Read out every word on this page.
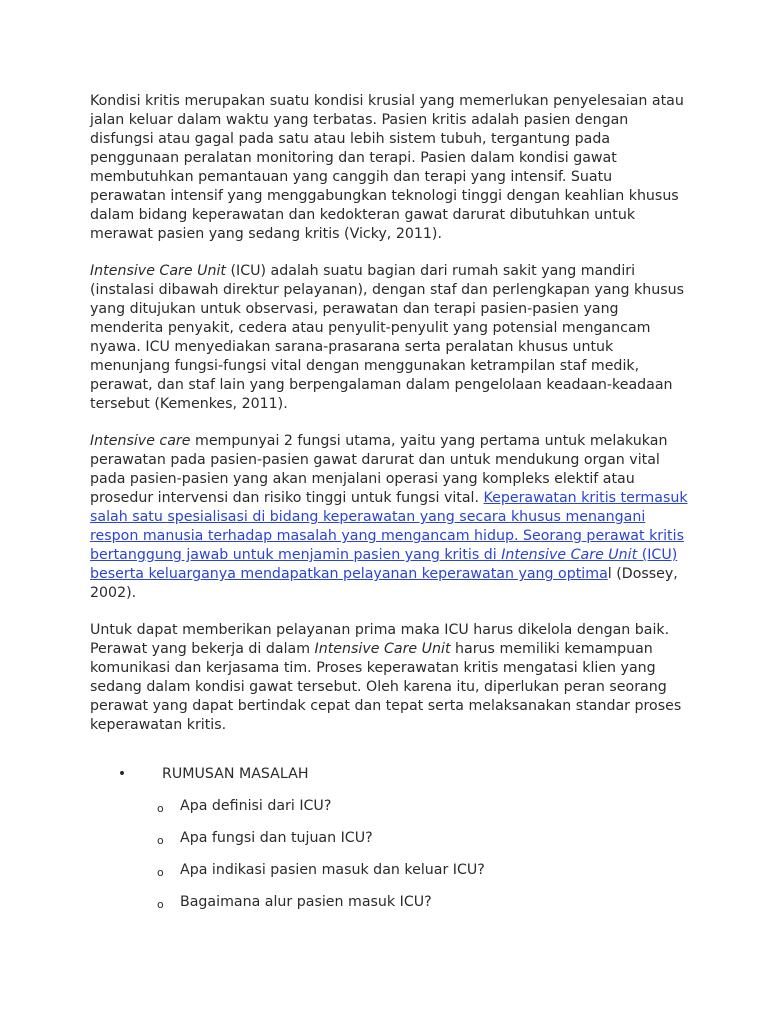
Kondisi kritis merupakan suatu kondisi krusial yang memerlukan penyelesaian atau jalan keluar dalam waktu yang terbatas. Pasien kritis adalah pasien dengan disfungsi atau gagal pada satu atau lebih sistem tubuh, tergantung pada penggunaan peralatan monitoring dan terapi. Pasien dalam kondisi gawat membutuhkan pemantauan yang canggih dan terapi yang intensif. Suatu perawatan intensif yang menggabungkan teknologi tinggi dengan keahlian khusus dalam bidang keperawatan dan kedokteran gawat darurat dibutuhkan untuk merawat pasien yang sedang kritis (Vicky, 2011).

Intensive Care Unit (ICU) adalah suatu bagian dari rumah sakit yang mandiri (instalasi dibawah direktur pelayanan), dengan staf dan perlengkapan yang khusus yang ditujukan untuk observasi, perawatan dan terapi pasien-pasien yang menderita penyakit, cedera atau penyulit-penyulit yang potensial mengancam nyawa. ICU menyediakan sarana-prasarana serta peralatan khusus untuk menunjang fungsi-fungsi vital dengan menggunakan ketrampilan staf medik, perawat, dan staf lain yang berpengalaman dalam pengelolaan keadaan-keadaan tersebut (Kemenkes, 2011).

Intensive care mempunyai 2 fungsi utama, yaitu yang pertama untuk melakukan perawatan pada pasien-pasien gawat darurat dan untuk mendukung organ vital pada pasien-pasien yang akan menjalani operasi yang kompleks elektif atau prosedur intervensi dan risiko tinggi untuk fungsi vital. Keperawatan kritis termasuk salah satu spesialisasi di bidang keperawatan yang secara khusus menangani respon manusia terhadap masalah yang mengancam hidup. Seorang perawat kritis bertanggung jawab untuk menjamin pasien yang kritis di Intensive Care Unit (ICU) beserta keluarganya mendapatkan pelayanan keperawatan yang optimal (Dossey, 2002).

Untuk dapat memberikan pelayanan prima maka ICU harus dikelola dengan baik. Perawat yang bekerja di dalam Intensive Care Unit harus memiliki kemampuan komunikasi dan kerjasama tim. Proses keperawatan kritis mengatasi klien yang sedang dalam kondisi gawat tersebut. Oleh karena itu, diperlukan peran seorang perawat yang dapat bertindak cepat dan tepat serta melaksanakan standar proses keperawatan kritis.

•	RUMUSAN MASALAH
o Apa definisi dari ICU?
o Apa fungsi dan tujuan ICU?
o Apa indikasi pasien masuk dan keluar ICU?
o Bagaimana alur pasien masuk ICU?
